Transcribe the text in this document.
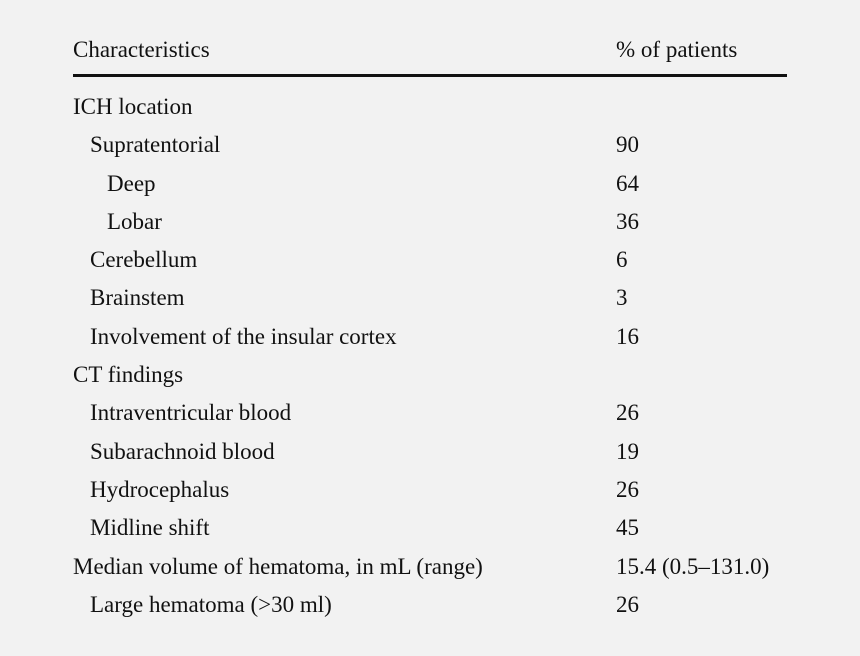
Characteristics	% of patients
ICH location
Supratentorial	90
Deep	64
Lobar	36
Cerebellum	6
Brainstem	3
Involvement of the insular cortex	16
CT findings
Intraventricular blood	26
Subarachnoid blood	19
Hydrocephalus	26
Midline shift	45
Median volume of hematoma, in mL (range)	15.4 (0.5–131.0)
Large hematoma (>30 ml)	26
